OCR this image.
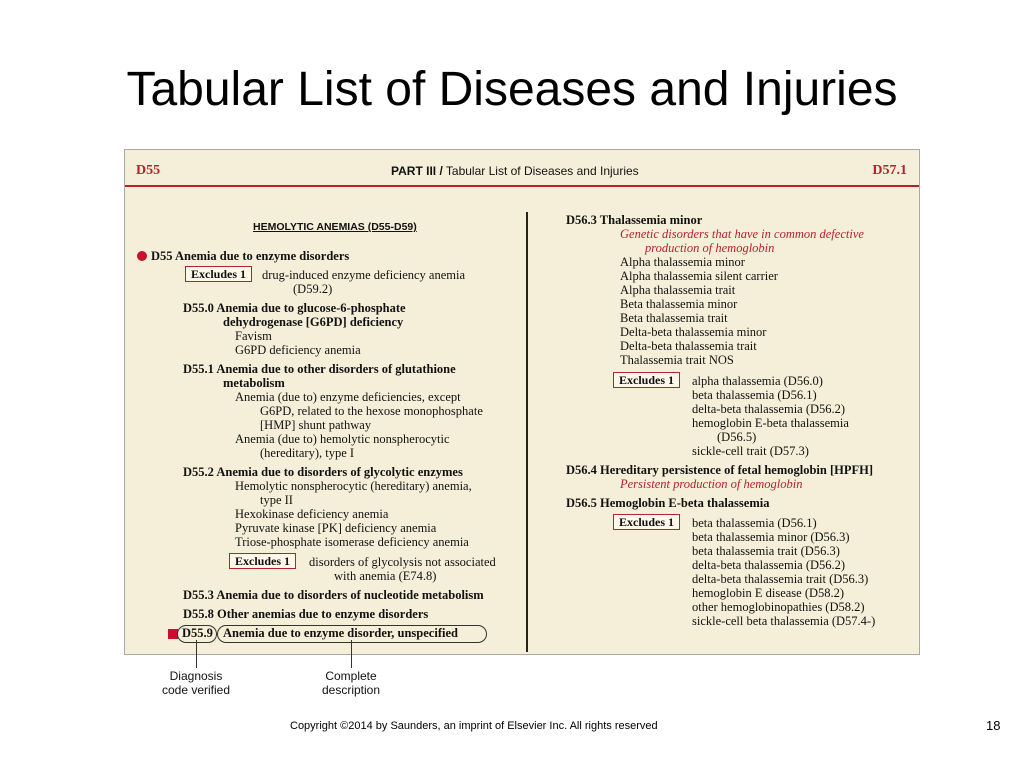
Tabular List of Diseases and Injuries
D55	PART III / Tabular List of Diseases and Injuries	D57.1
HEMOLYTIC ANEMIAS (D55-D59)
D55 Anemia due to enzyme disorders
Excludes 1	drug-induced enzyme deficiency anemia
(D59.2)
D55.0 Anemia due to glucose-6-phosphate
dehydrogenase [G6PD] deficiency
Favism
G6PD deficiency anemia
D55.1 Anemia due to other disorders of glutathione
metabolism
Anemia (due to) enzyme deficiencies, except
G6PD, related to the hexose monophosphate
[HMP] shunt pathway
Anemia (due to) hemolytic nonspherocytic
(hereditary), type I
D55.2 Anemia due to disorders of glycolytic enzymes
Hemolytic nonspherocytic (hereditary) anemia,
type II
Hexokinase deficiency anemia
Pyruvate kinase [PK] deficiency anemia
Triose-phosphate isomerase deficiency anemia
Excludes 1	disorders of glycolysis not associated
with anemia (E74.8)
D55.3 Anemia due to disorders of nucleotide metabolism
D55.8 Other anemias due to enzyme disorders
D55.9 Anemia due to enzyme disorder, unspecified
D56.3 Thalassemia minor
Genetic disorders that have in common defective
production of hemoglobin
Alpha thalassemia minor
Alpha thalassemia silent carrier
Alpha thalassemia trait
Beta thalassemia minor
Beta thalassemia trait
Delta-beta thalassemia minor
Delta-beta thalassemia trait
Thalassemia trait NOS
Excludes 1	alpha thalassemia (D56.0)
beta thalassemia (D56.1)
delta-beta thalassemia (D56.2)
hemoglobin E-beta thalassemia
(D56.5)
sickle-cell trait (D57.3)
D56.4 Hereditary persistence of fetal hemoglobin [HPFH]
Persistent production of hemoglobin
D56.5 Hemoglobin E-beta thalassemia
Excludes 1	beta thalassemia (D56.1)
beta thalassemia minor (D56.3)
beta thalassemia trait (D56.3)
delta-beta thalassemia (D56.2)
delta-beta thalassemia trait (D56.3)
hemoglobin E disease (D58.2)
other hemoglobinopathies (D58.2)
sickle-cell beta thalassemia (D57.4-)
Diagnosis
code verified
Complete
description
Copyright ©2014 by Saunders, an imprint of Elsevier Inc. All rights reserved	18
